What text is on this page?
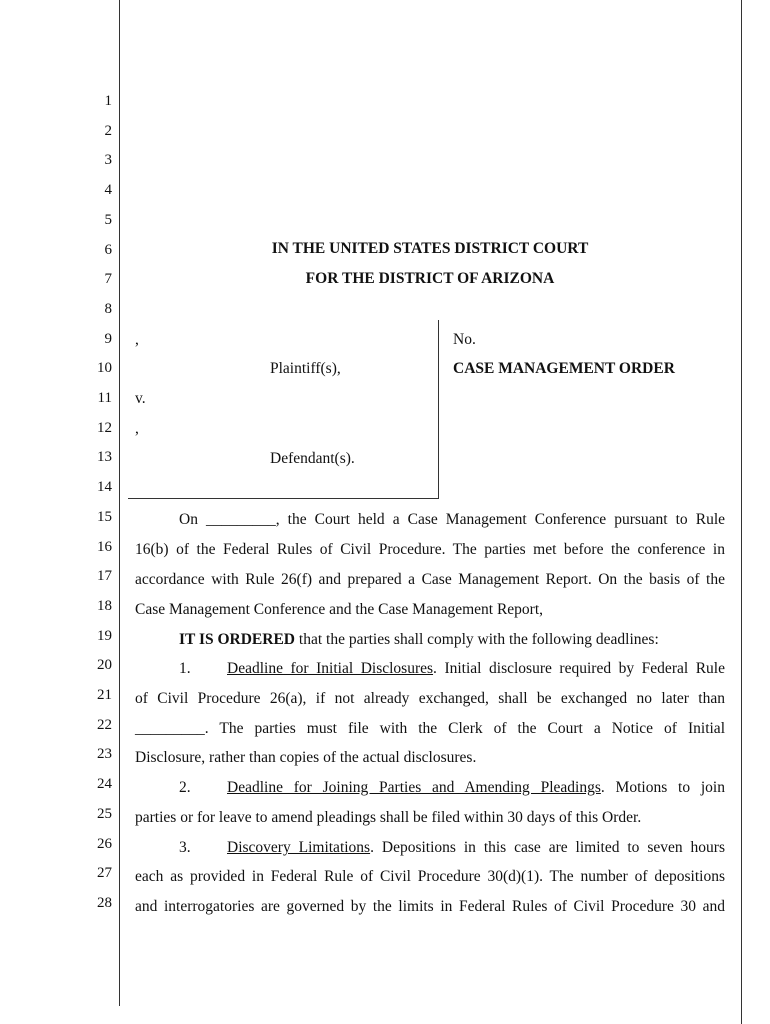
1
2
3
4
5
6
7
8
9
10
11
12
13
14
15
16
17
18
19
20
21
22
23
24
25
26
27
28
IN THE UNITED STATES DISTRICT COURT
FOR THE DISTRICT OF ARIZONA
,
Plaintiff(s),
v.
,
Defendant(s).
No.
CASE MANAGEMENT ORDER
On _________, the Court held a Case Management Conference pursuant to Rule
16(b) of the Federal Rules of Civil Procedure. The parties met before the conference in
accordance with Rule 26(f) and prepared a Case Management Report. On the basis of the
Case Management Conference and the Case Management Report,
IT IS ORDERED that the parties shall comply with the following deadlines:
1. Deadline for Initial Disclosures. Initial disclosure required by Federal Rule
of Civil Procedure 26(a), if not already exchanged, shall be exchanged no later than
_________. The parties must file with the Clerk of the Court a Notice of Initial
Disclosure, rather than copies of the actual disclosures.
2. Deadline for Joining Parties and Amending Pleadings. Motions to join
parties or for leave to amend pleadings shall be filed within 30 days of this Order.
3. Discovery Limitations. Depositions in this case are limited to seven hours
each as provided in Federal Rule of Civil Procedure 30(d)(1). The number of depositions
and interrogatories are governed by the limits in Federal Rules of Civil Procedure 30 and
